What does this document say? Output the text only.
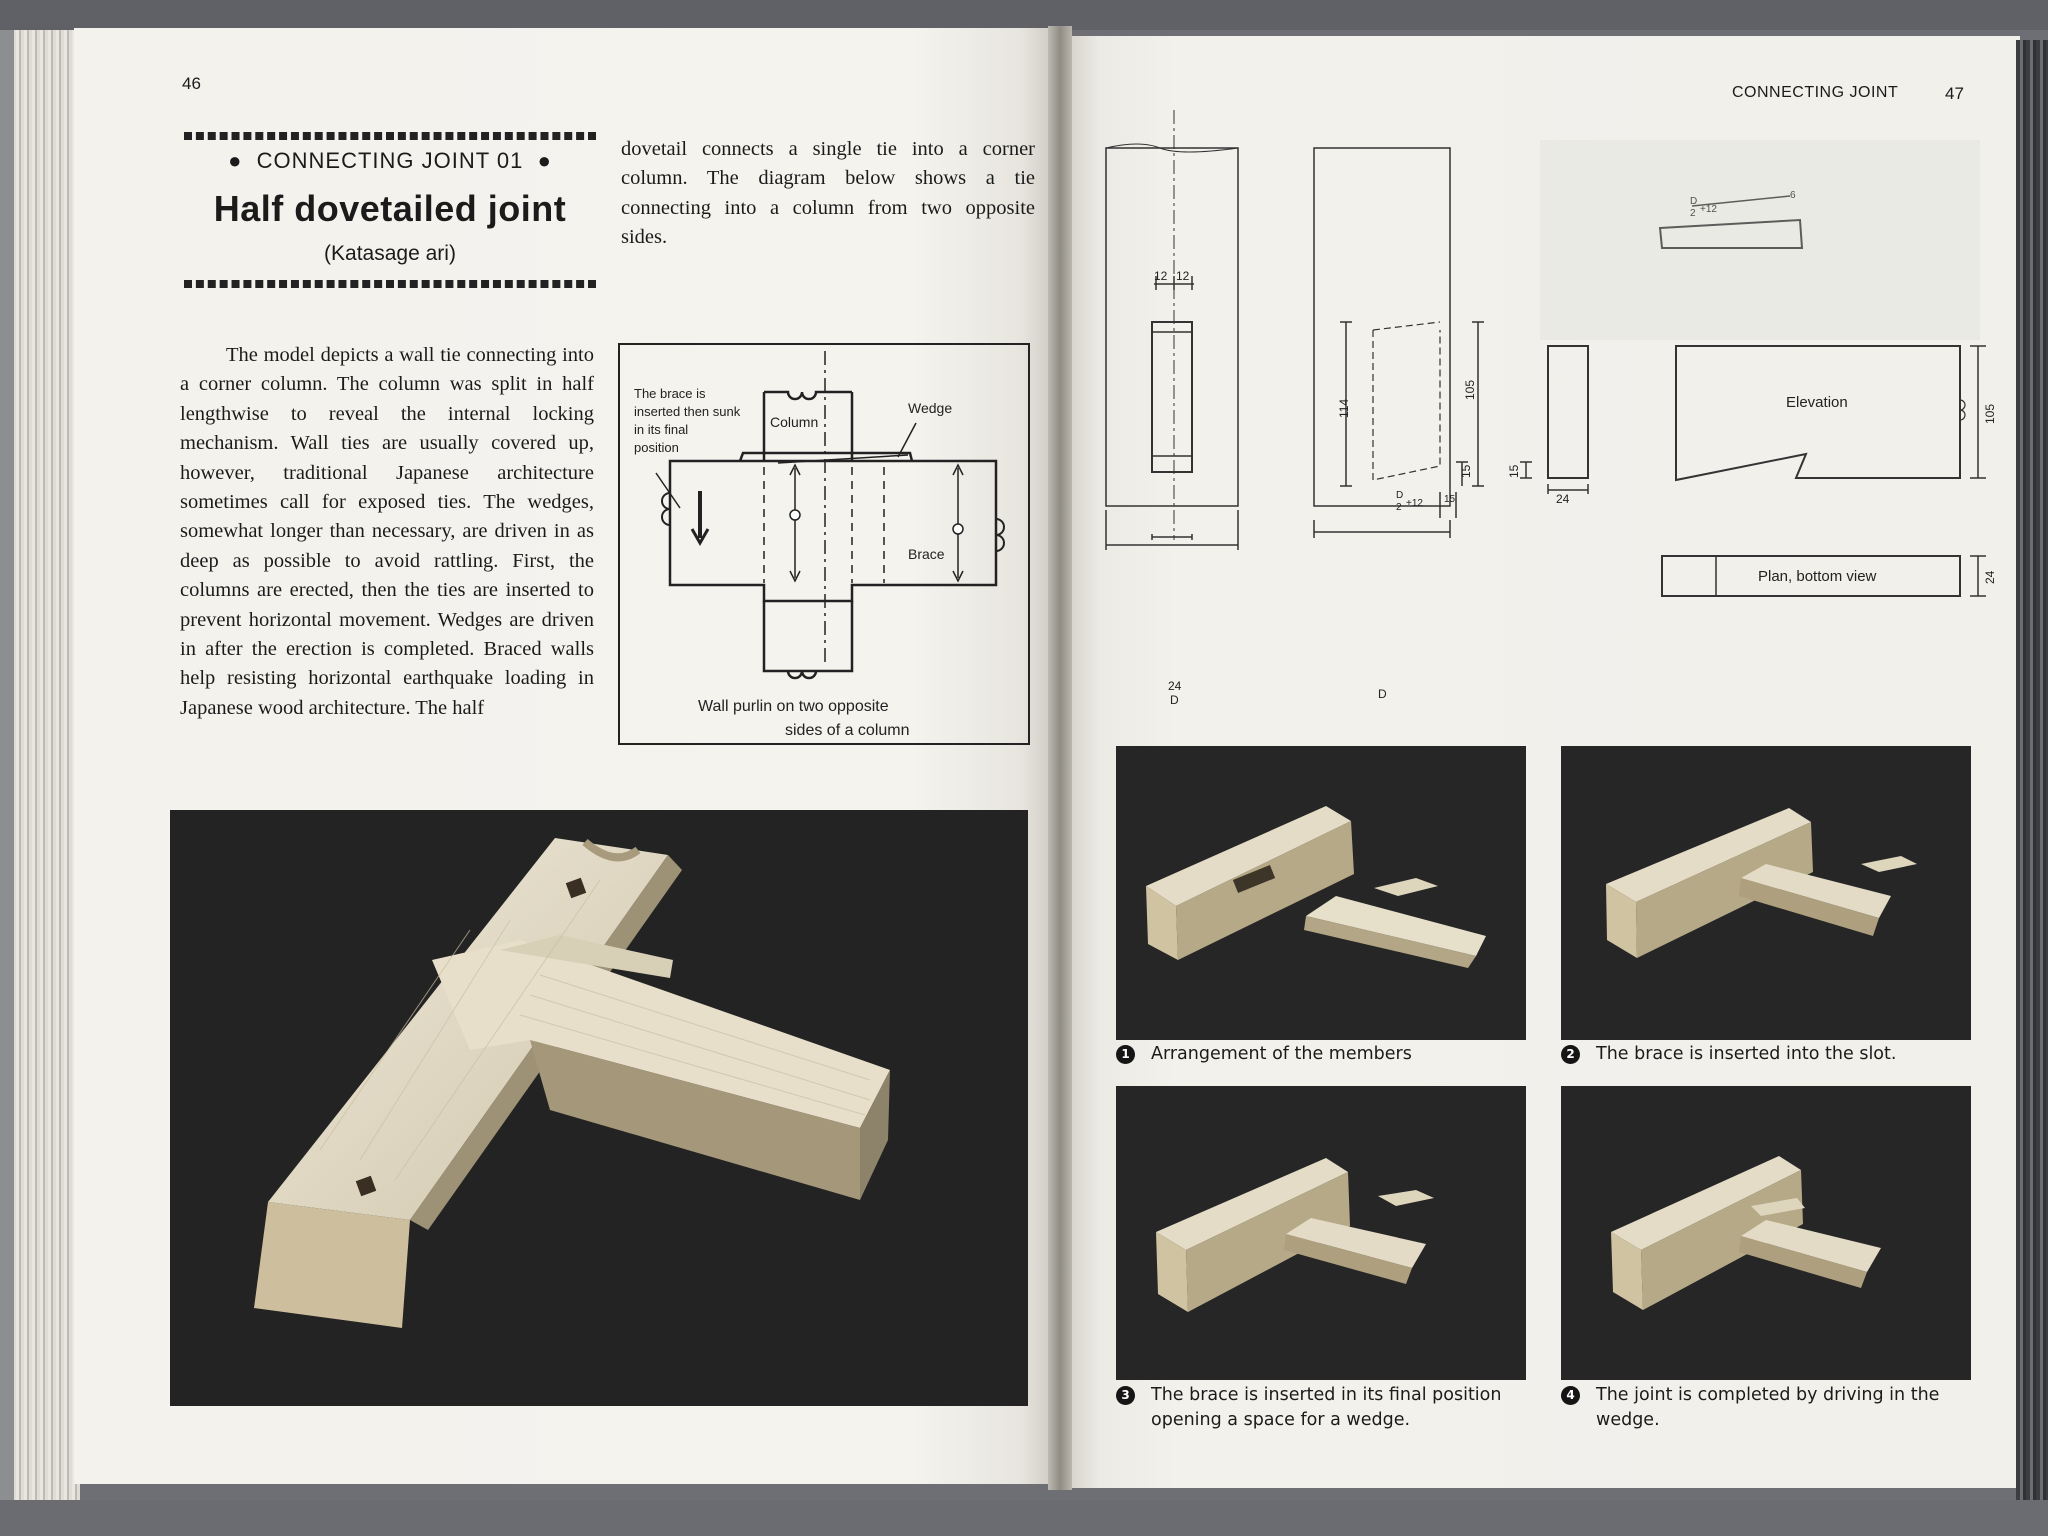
46
● CONNECTING JOINT 01 ●
Half dovetailed joint
(Katasage ari)
The model depicts a wall tie connecting into a corner column. The column was split in half lengthwise to reveal the internal locking mechanism. Wall ties are usually covered up, however, traditional Japanese architecture sometimes call for exposed ties. The wedges, somewhat longer than necessary, are driven in as deep as possible to avoid rattling. First, the columns are erected, then the ties are inserted to prevent horizontal movement. Wedges are driven in after the erection is completed. Braced walls help resisting horizontal earthquake loading in Japanese wood architecture. The half
dovetail connects a single tie into a corner column. The diagram below shows a tie connecting into a column from two opposite sides.
The brace is
inserted then sunk
in its final
position
Column
Wedge
Brace
Wall purlin on two opposite
sides of a column
CONNECTING JOINT	47
12 12
114
105
15	15
15
24
D	D
D
2 +12
D
2 +12
6
24
Elevation
105
Plan, bottom view	24
1 Arrangement of the members	2 The brace is inserted into the slot.
3 The brace is inserted in its final position
opening a space for a wedge.
4 The joint is completed by driving in the
wedge.
